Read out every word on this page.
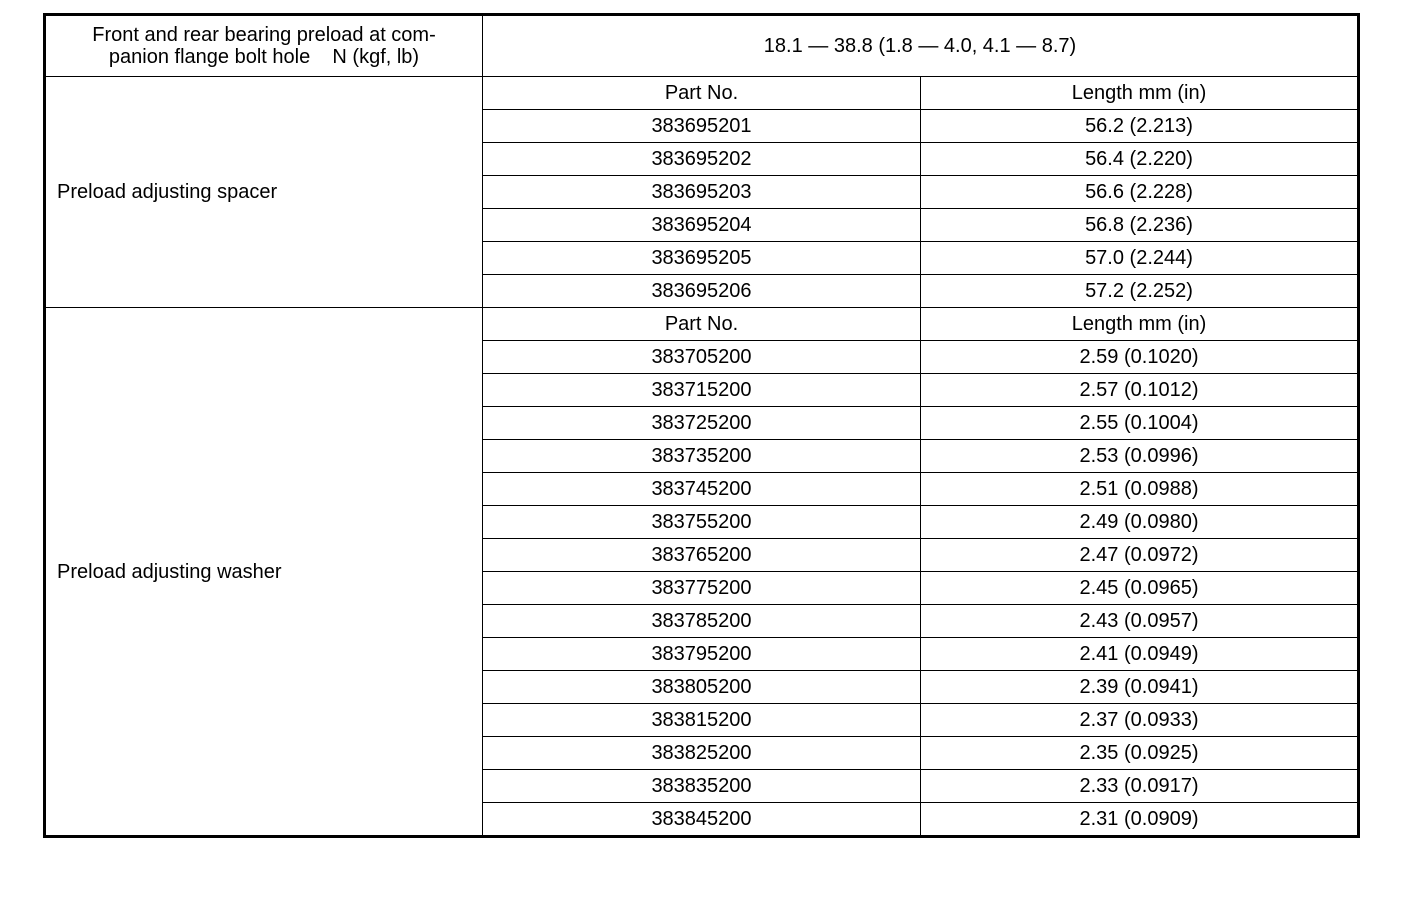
Front and rear bearing preload at com-
panion flange bolt hole    N (kgf, lb)	18.1 — 38.8 (1.8 — 4.0, 4.1 — 8.7)	
Preload adjusting spacer	Part No.	Length mm (in)
	383695201	56.2 (2.213)
	383695202	56.4 (2.220)
	383695203	56.6 (2.228)
	383695204	56.8 (2.236)
	383695205	57.0 (2.244)
	383695206	57.2 (2.252)
Preload adjusting washer	Part No.	Length mm (in)
	383705200	2.59 (0.1020)
	383715200	2.57 (0.1012)
	383725200	2.55 (0.1004)
	383735200	2.53 (0.0996)
	383745200	2.51 (0.0988)
	383755200	2.49 (0.0980)
	383765200	2.47 (0.0972)
	383775200	2.45 (0.0965)
	383785200	2.43 (0.0957)
	383795200	2.41 (0.0949)
	383805200	2.39 (0.0941)
	383815200	2.37 (0.0933)
	383825200	2.35 (0.0925)
	383835200	2.33 (0.0917)
	383845200	2.31 (0.0909)
